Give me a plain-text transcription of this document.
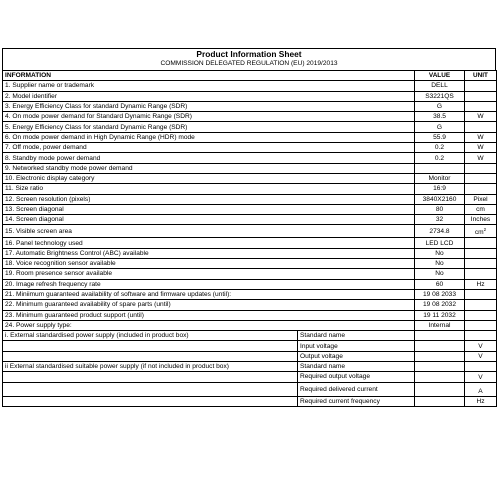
Product Information Sheet
COMMISSION DELEGATED REGULATION (EU) 2019/2013
INFORMATION		VALUE	UNIT
1. Supplier name or trademark		DELL	
2. Model identifier		S3221QS	
3. Energy Efficiency Class for standard Dynamic Range (SDR)		G	
4. On mode power demand for Standard Dynamic Range (SDR)		38.5	W
5. Energy Efficiency Class for standard Dynamic Range (SDR)		G	
6. On mode power demand in High Dynamic Range (HDR) mode		55.9	W
7. Off mode, power demand		0.2	W
8. Standby mode power demand		0.2	W
9. Networked standby mode power demand			
10. Electronic display category		Monitor	
11. Size ratio		16:9	
12. Screen resolution (pixels)		3840X2160	Pixel
13. Screen diagonal		80	cm
14. Screen diagonal		32	Inches
15. Visible screen area		2734.8	$cm^2$
16. Panel technology used		LED LCD	
17. Automatic Brightness Control (ABC) available		No	
18. Voice recognition sensor available		No	
19. Room presence sensor available		No	
20. Image refresh frequency rate		60	Hz
21. Miniimum guaranteed availability of software and firmware updates (until):		19 08 2033	
22. Minimum guaranteed availability of spare parts (until)		19 08 2032	
23. Minimum guaranteed product support (until)		19 11 2032	
24. Power supply type:		Internal	
i. External standardised power supply (included in product box)	Standard name		
	Input voltage		V
	Output voltage		V
ii External standardised suitable power supply (if not included in product box)	Standard name		
	Required output voltage		V
	Required delivered current		A
	Required current frequency		Hz
